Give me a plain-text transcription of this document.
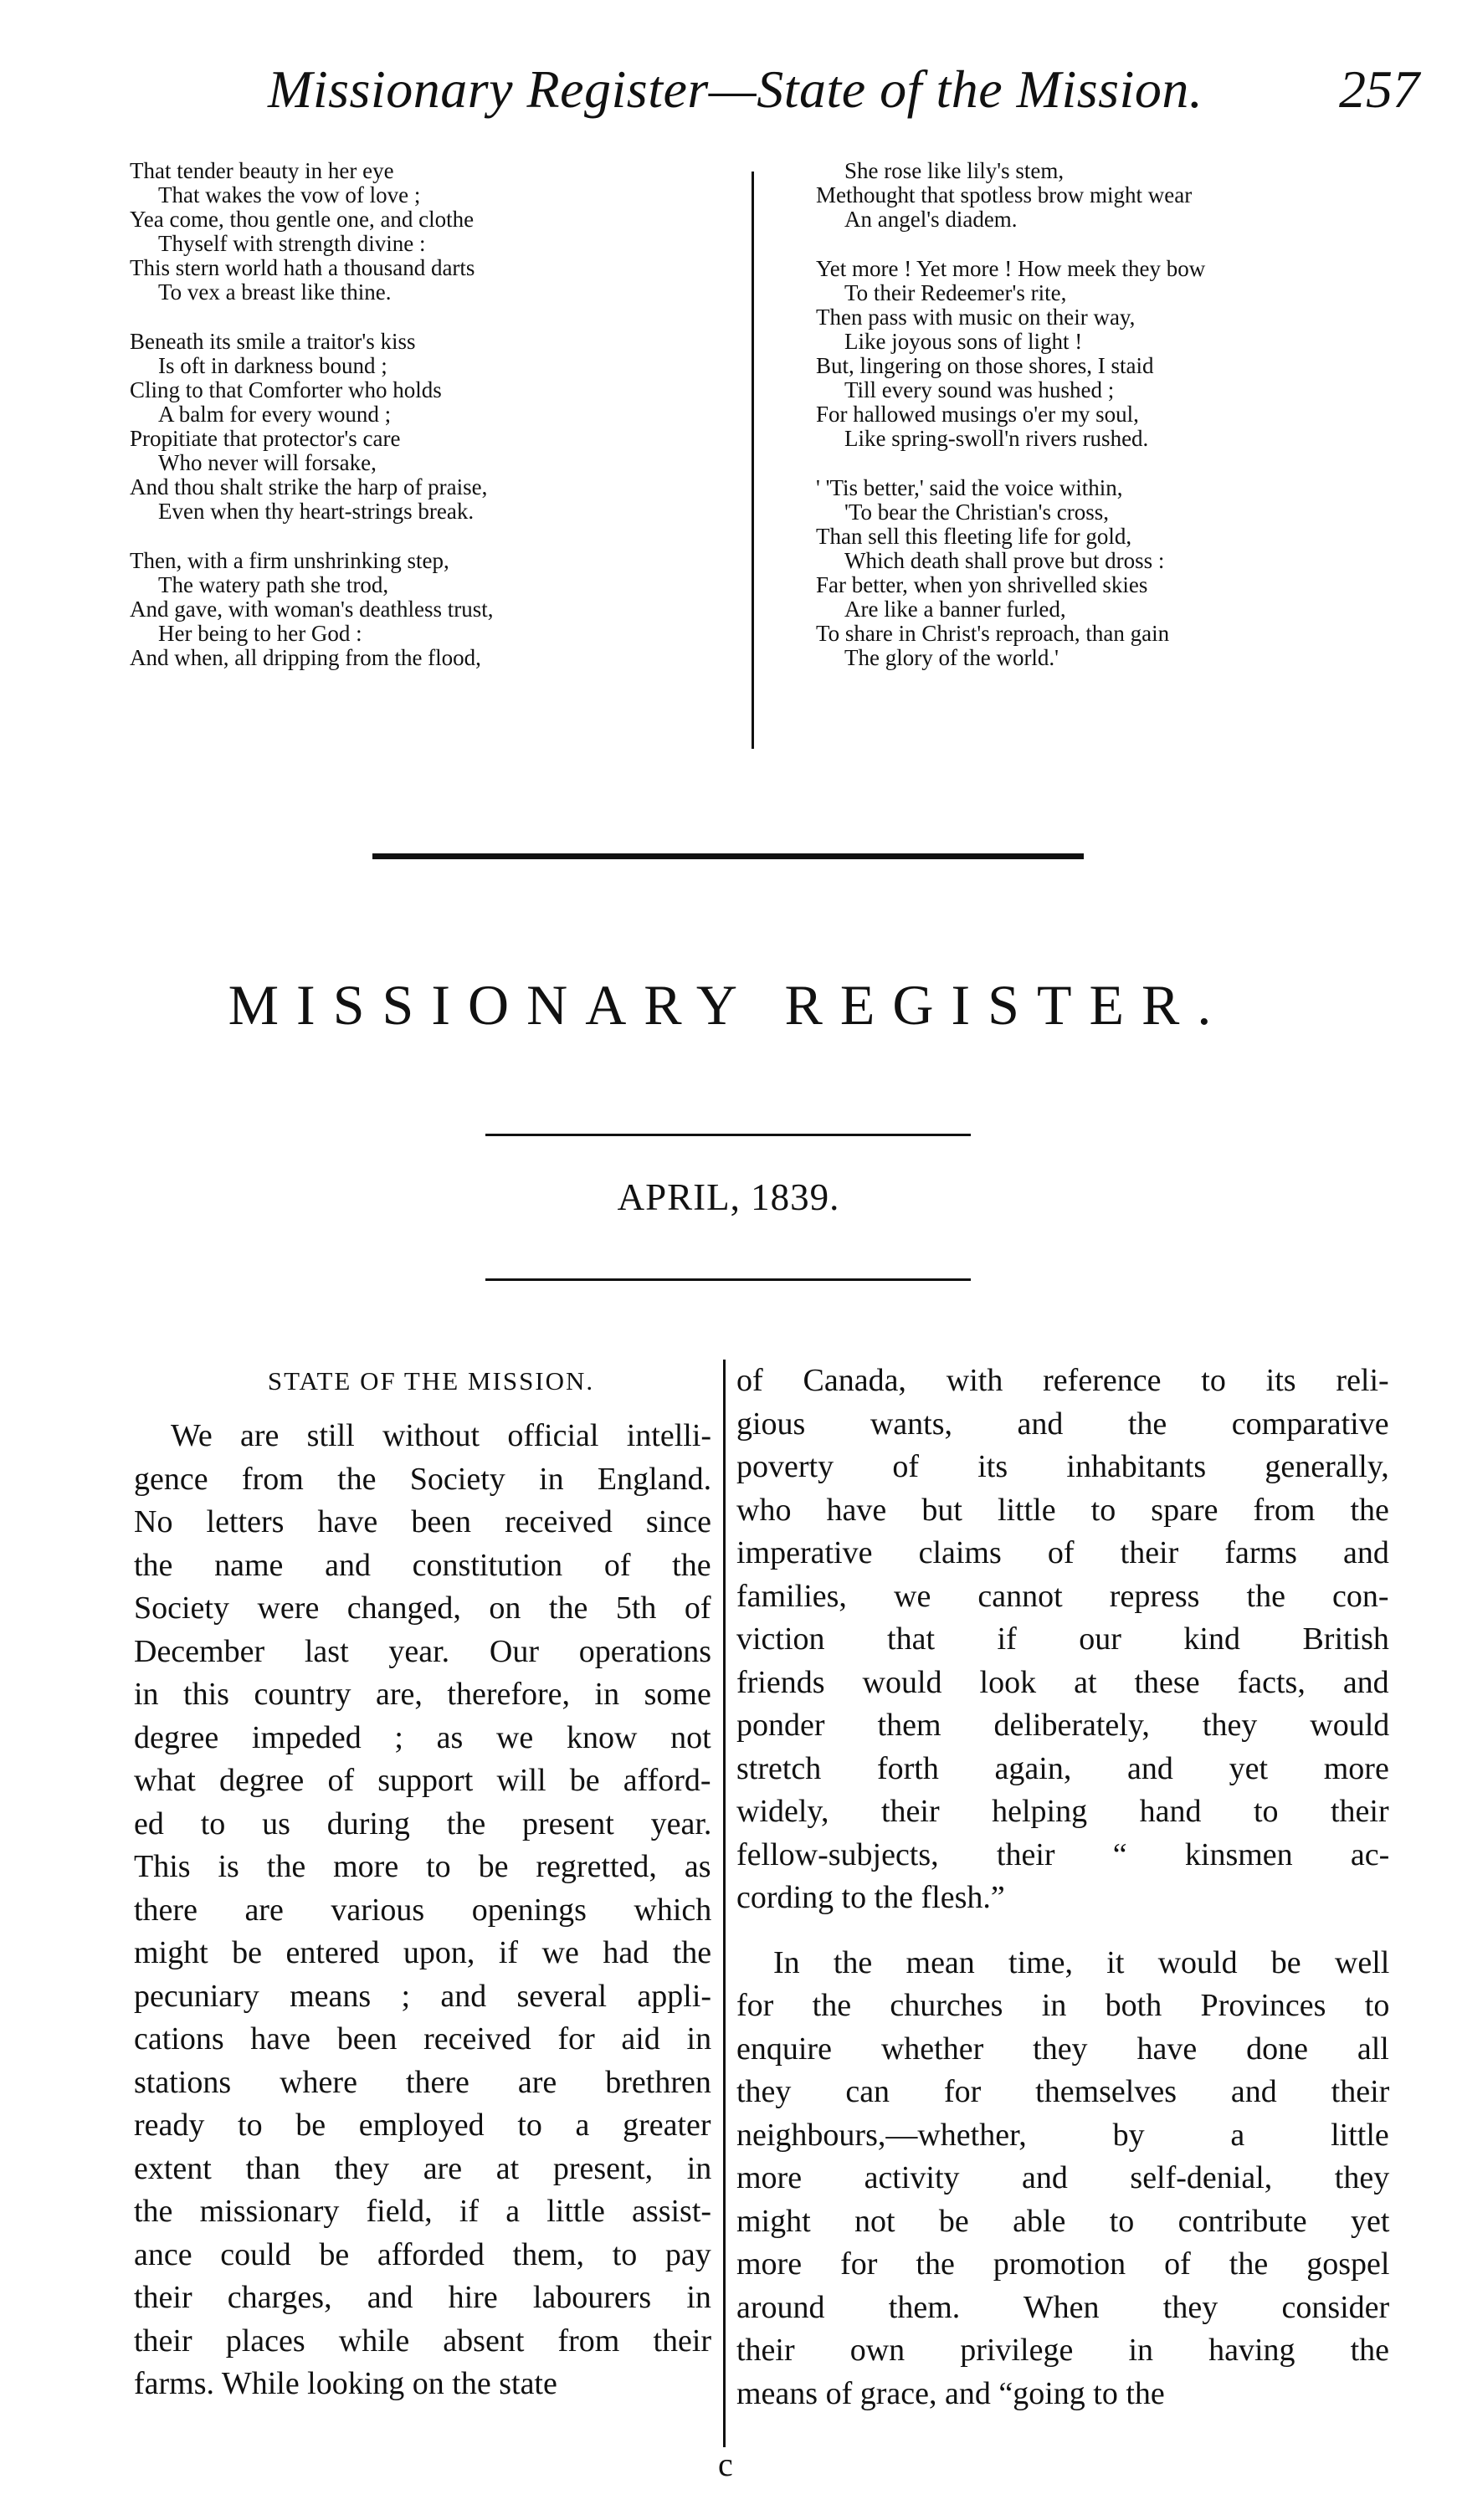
Missionary Register—State of the Mission.	257
That tender beauty in her eye
That wakes the vow of love ;
Yea come, thou gentle one, and clothe
Thyself with strength divine :
This stern world hath a thousand darts
To vex a breast like thine.
Beneath its smile a traitor's kiss
Is oft in darkness bound ;
Cling to that Comforter who holds
A balm for every wound ;
Propitiate that protector's care
Who never will forsake,
And thou shalt strike the harp of praise,
Even when thy heart-strings break.
Then, with a firm unshrinking step,
The watery path she trod,
And gave, with woman's deathless trust,
Her being to her God :
And when, all dripping from the flood,
She rose like lily's stem,
Methought that spotless brow might wear
An angel's diadem.
Yet more ! Yet more ! How meek they bow
To their Redeemer's rite,
Then pass with music on their way,
Like joyous sons of light !
But, lingering on those shores, I staid
Till every sound was hushed ;
For hallowed musings o'er my soul,
Like spring-swoll'n rivers rushed.
' 'Tis better,' said the voice within,
'To bear the Christian's cross,
Than sell this fleeting life for gold,
Which death shall prove but dross :
Far better, when yon shrivelled skies
Are like a banner furled,
To share in Christ's reproach, than gain
The glory of the world.'
MISSIONARY REGISTER.
APRIL, 1839.
STATE OF THE MISSION.
We are still without official intelli-
gence from the Society in England.
No letters have been received since
the name and constitution of the
Society were changed, on the 5th of
December last year. Our operations
in this country are, therefore, in some
degree impeded ; as we know not
what degree of support will be afford-
ed to us during the present year.
This is the more to be regretted, as
there are various openings which
might be entered upon, if we had the
pecuniary means ; and several appli-
cations have been received for aid in
stations where there are brethren
ready to be employed to a greater
extent than they are at present, in
the missionary field, if a little assist-
ance could be afforded them, to pay
their charges, and hire labourers in
their places while absent from their
farms. While looking on the state
of Canada, with reference to its reli-
gious wants, and the comparative
poverty of its inhabitants generally,
who have but little to spare from the
imperative claims of their farms and
families, we cannot repress the con-
viction that if our kind British
friends would look at these facts, and
ponder them deliberately, they would
stretch forth again, and yet more
widely, their helping hand to their
fellow-subjects, their “ kinsmen ac-
cording to the flesh.”
In the mean time, it would be well
for the churches in both Provinces to
enquire whether they have done all
they can for themselves and their
neighbours,—whether, by a little
more activity and self-denial, they
might not be able to contribute yet
more for the promotion of the gospel
around them. When they consider
their own privilege in having the
means of grace, and “going to the
c
